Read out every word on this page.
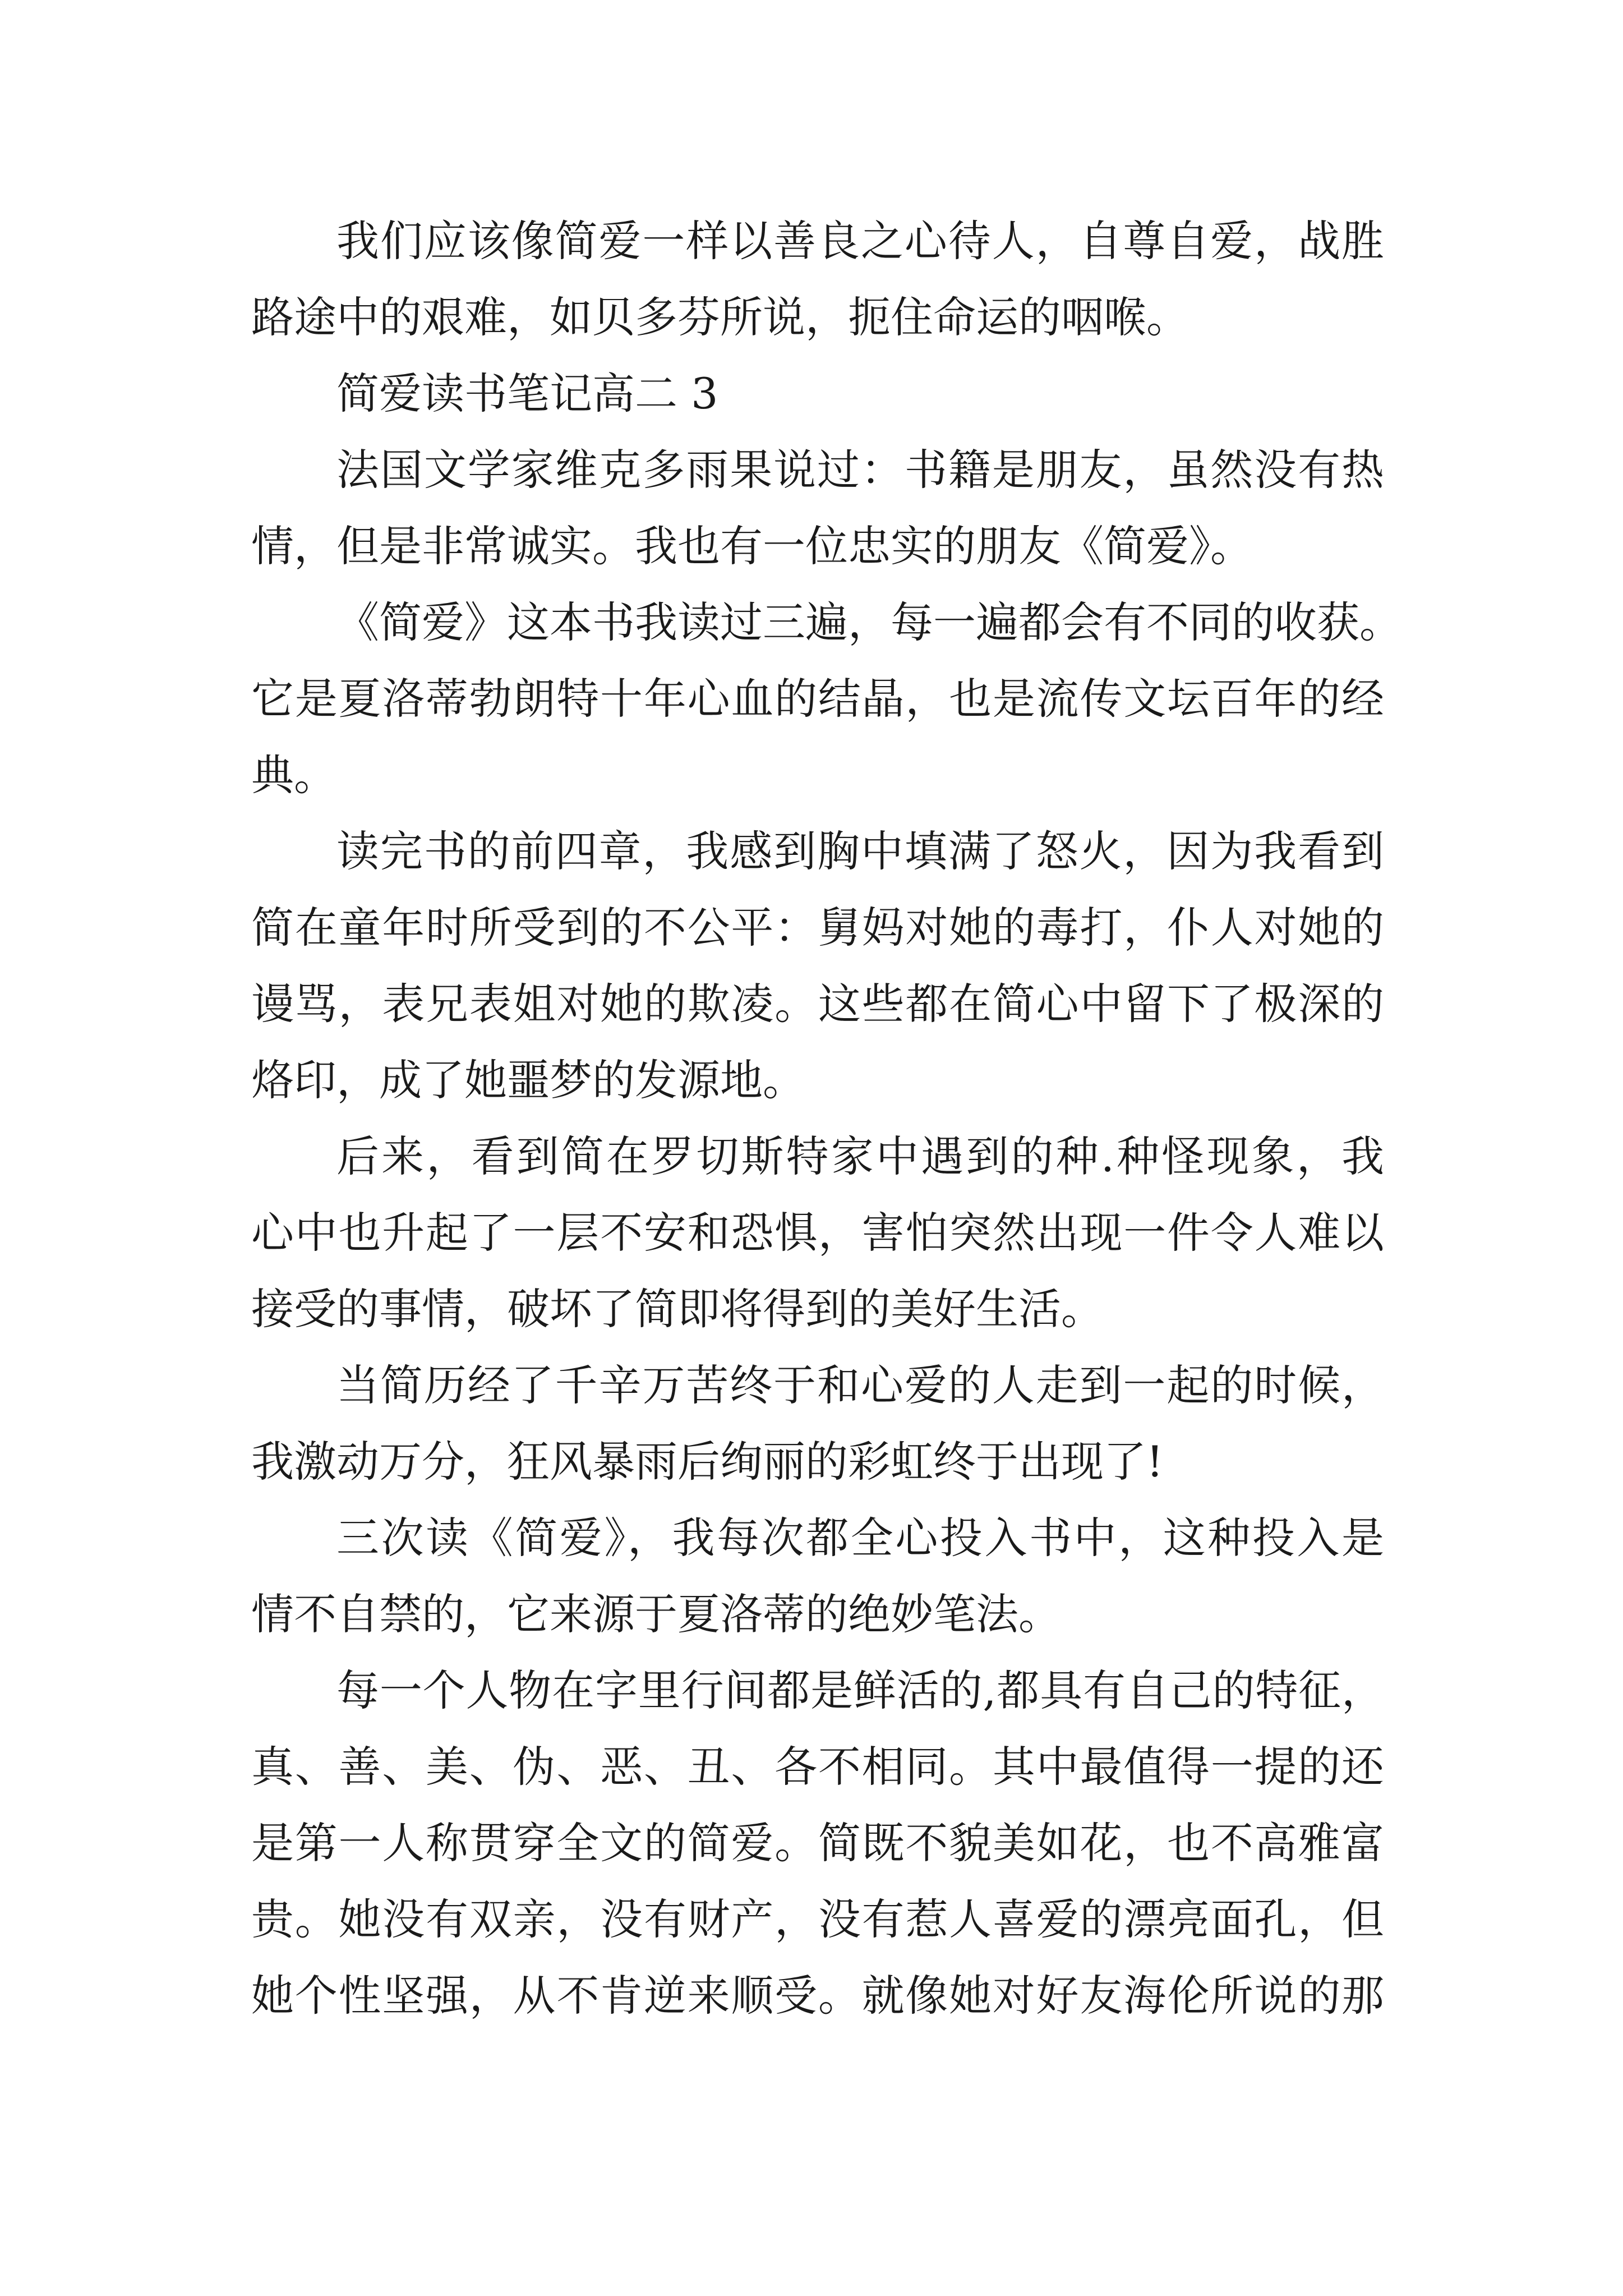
我们应该像简爱一样以善良之心待人，自尊自爱，战胜
路途中的艰难，如贝多芬所说，扼住命运的咽喉。
简爱读书笔记高二 3
法国文学家维克多雨果说过：书籍是朋友，虽然没有热
情，但是非常诚实。我也有一位忠实的朋友《简爱》。
《简爱》这本书我读过三遍，每一遍都会有不同的收获。
它是夏洛蒂勃朗特十年心血的结晶，也是流传文坛百年的经
典。
读完书的前四章，我感到胸中填满了怒火，因为我看到
简在童年时所受到的不公平：舅妈对她的毒打，仆人对她的
谩骂，表兄表姐对她的欺凌。这些都在简心中留下了极深的
烙印，成了她噩梦的发源地。
后来，看到简在罗切斯特家中遇到的种.种怪现象，我
心中也升起了一层不安和恐惧，害怕突然出现一件令人难以
接受的事情，破坏了简即将得到的美好生活。
当简历经了千辛万苦终于和心爱的人走到一起的时候，
我激动万分，狂风暴雨后绚丽的彩虹终于出现了!
三次读《简爱》，我每次都全心投入书中，这种投入是
情不自禁的，它来源于夏洛蒂的绝妙笔法。
每一个人物在字里行间都是鲜活的,都具有自己的特征，
真、善、美、伪、恶、丑、各不相同。其中最值得一提的还
是第一人称贯穿全文的简爱。简既不貌美如花，也不高雅富
贵。她没有双亲，没有财产，没有惹人喜爱的漂亮面孔，但
她个性坚强，从不肯逆来顺受。就像她对好友海伦所说的那
